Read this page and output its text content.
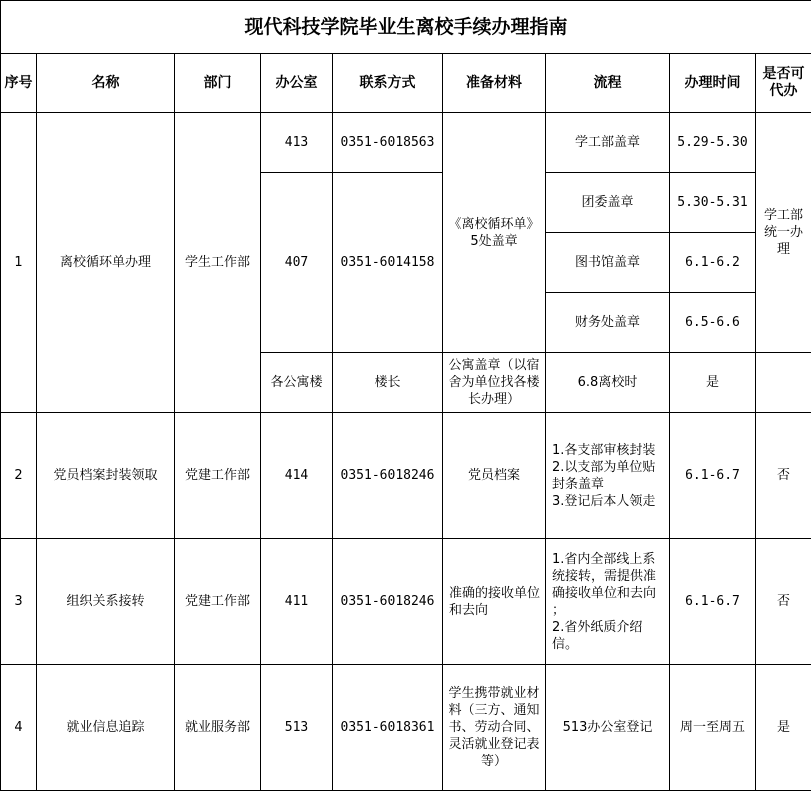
现代科技学院毕业生离校手续办理指南								
序号	名称	部门	办公室	联系方式	准备材料	流程	办理时间	是否可代办
1	离校循环单办理	学生工作部	413	0351-6018563	《离校循环单》5处盖章	学工部盖章	5.29-5.30	学工部统一办理
			407	0351-6014158		团委盖章	5.30-5.31	
						图书馆盖章	6.1-6.2	
						财务处盖章	6.5-6.6	
			各公寓楼	楼长	公寓盖章（以宿舍为单位找各楼长办理）	6.8离校时	是	
2	党员档案封装领取	党建工作部	414	0351-6018246	党员档案	1.各支部审核封装
2.以支部为单位贴封条盖章
3.登记后本人领走	6.1-6.7	否
3	组织关系接转	党建工作部	411	0351-6018246	准确的接收单位和去向	1.省内全部线上系统接转，需提供准确接收单位和去向 ；
2.省外纸质介绍信。	6.1-6.7	否
4	就业信息追踪	就业服务部	513	0351-6018361	学生携带就业材料（三方、通知书、劳动合同、灵活就业登记表等）	513办公室登记	周一至周五	是
